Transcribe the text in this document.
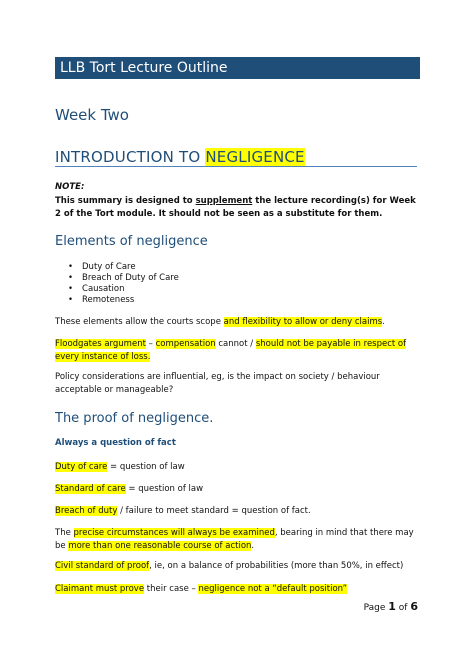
LLB Tort Lecture Outline
Week Two
INTRODUCTION TO NEGLIGENCE
NOTE:
This summary is designed to supplement the lecture recording(s) for Week 2 of the Tort module. It should not be seen as a substitute for them.
Elements of negligence
• Duty of Care
• Breach of Duty of Care
• Causation
• Remoteness
These elements allow the courts scope and flexibility to allow or deny claims.
Floodgates argument – compensation cannot / should not be payable in respect of every instance of loss.
Policy considerations are influential, eg, is the impact on society / behaviour acceptable or manageable?
The proof of negligence.
Always a question of fact
Duty of care = question of law
Standard of care = question of law
Breach of duty / failure to meet standard = question of fact.
The precise circumstances will always be examined, bearing in mind that there may be more than one reasonable course of action.
Civil standard of proof, ie, on a balance of probabilities (more than 50%, in effect)
Claimant must prove their case – negligence not a “default position”
Page 1 of 6
